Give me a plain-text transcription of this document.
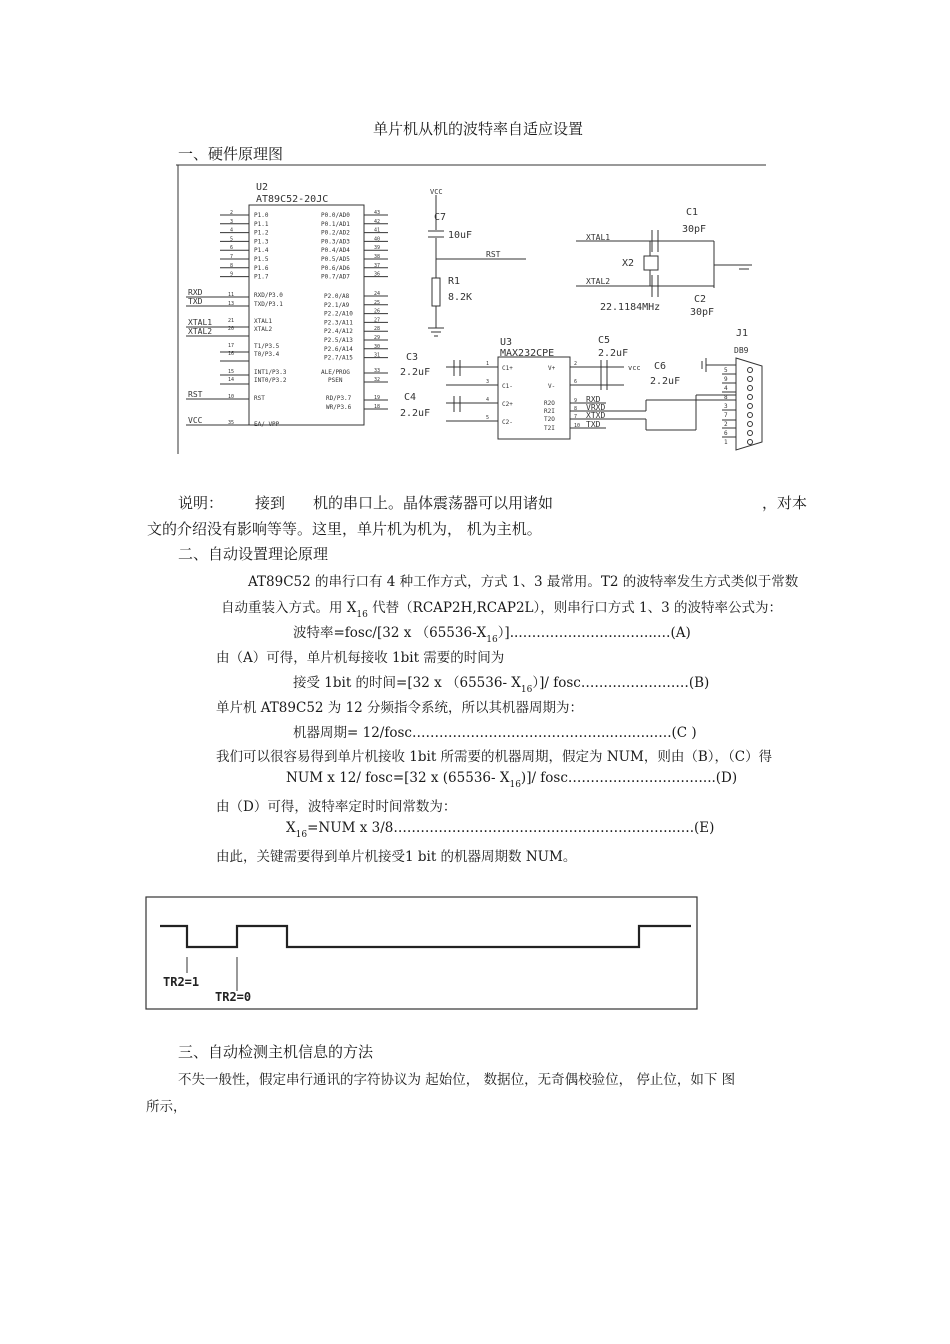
单片机从机的波特率自适应设置
一、硬件原理图
U2
AT89C52-20JC
C7
10uF
R1
8.2K
RST
VCC
C1
30pF
X2
C2
30pF
22.1184MHz
XTAL1
XTAL2
U3
MAX232CPE
C3
2.2uF
C4
2.2uF
C5
2.2uF
C6
2.2uF
vcc
RXD
VRXD
XTXD
TXD
J1
DB9
RXD
TXD
XTAL1
XTAL2
RST
VCC
RXD/P3.0
TXD/P3.1
XTAL1
XTAL2
T1/P3.5
T0/P3.4
INT1/P3.3
INT0/P3.2
RST
EA/ VPP
ALE/PROG
PSEN
RD/P3.7
WR/P3.6
11
13
21
20
17
16
15
14
10
35
33
32
19
18
C1+
C1-
C2+
C2-
1
3
4
5
V+
V-
R2O
R2I
T2O
T2I
2
6
9
8
7
10
P1.0
2
P1.1
3
P1.2
4
P1.3
5
P1.4
6
P1.5
7
P1.6
8
P1.7
9
P0.0/AD0	43
P0.1/AD1	42
P0.2/AD2	41
P0.3/AD3	40
P0.4/AD4	39
P0.5/AD5	38
P0.6/AD6	37
P0.7/AD7	36
P2.0/A8	24
P2.1/A9	25
P2.2/A10	26
P2.3/A11	27
P2.4/A12	28
P2.5/A13	29
P2.6/A14	30
P2.7/A15	31
5
9
4
8
3
7
2
6
1
说明： 接到 机的串口上。晶体震荡器可以用诸如	，对本
文的介绍没有影响等等。这里，单片机为机为， 机为主机。
二、自动设置理论原理
AT89C52 的串行口有 4 种工作方式，方式 1、3 最常用。T2 的波特率发生方式类似于常数
自动重装入方式。用 $X_{16}$ 代替（RCAP2H,RCAP2L），则串行口方式 1、3 的波特率公式为：
波特率=fosc/[32 x $(65536-X_{16})]..\dots\dots\dots\dots\dots\dots\dots..\dots\dots..\dots(A)$
由（A）可得，单片机每接收 1bit 需要的时间为
接受 1bit 的时间=[32 x （65536- $X_{16})]/$ fosc……………………(B)
单片机 AT89C52 为 12 分频指令系统，所以其机器周期为：
机器周期= 12/fosc……………………………………..…..…..….(C )
我们可以很容易得到单片机接收 1bit 所需要的机器周期，假定为 NUM，则由（B），（C）得
NUM x 12/ fosc=[32 x (65536- $X_{16})]/$ fosc…………………………...(D)
由（D）可得，波特率定时时间常数为：
$X_{16}=NUM$ x 3/8……………………………….……………………..….(E)
由此，关键需要得到单片机接受1 bit 的机器周期数 NUM。
TR2=1
TR2=0
三、自动检测主机信息的方法
不失一般性，假定串行通讯的字符协议为 起始位， 数据位，无奇偶校验位， 停止位，如下 图
所示，
